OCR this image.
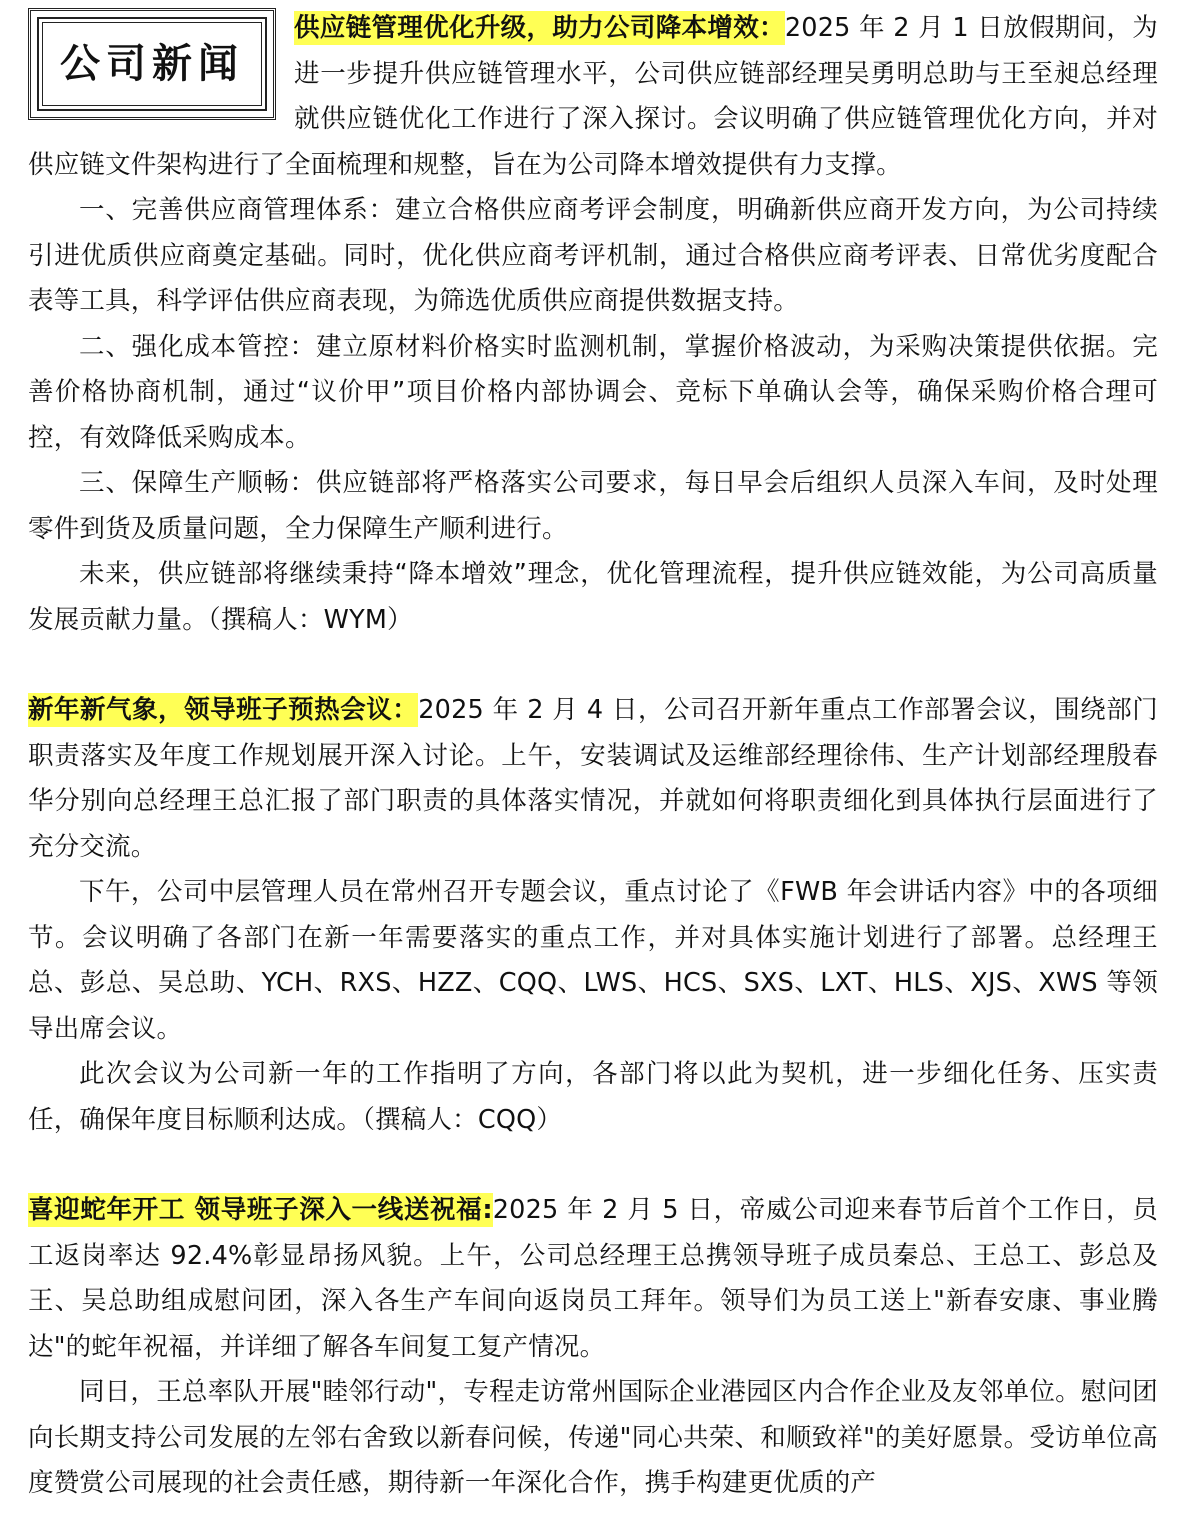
公司新闻

供应链管理优化升级，助力公司降本增效：2025 年 2 月 1 日放假期间，为进一步提升供应链管理水平，公司供应链部经理吴勇明总助与王至昶总经理就供应链优化工作进行了深入探讨。会议明确了供应链管理优化方向，并对供应链文件架构进行了全面梳理和规整，旨在为公司降本增效提供有力支撑。

一、完善供应商管理体系：建立合格供应商考评会制度，明确新供应商开发方向，为公司持续引进优质供应商奠定基础。同时，优化供应商考评机制，通过合格供应商考评表、日常优劣度配合表等工具，科学评估供应商表现，为筛选优质供应商提供数据支持。

二、强化成本管控：建立原材料价格实时监测机制，掌握价格波动，为采购决策提供依据。完善价格协商机制，通过“议价甲”项目价格内部协调会、竞标下单确认会等，确保采购价格合理可控，有效降低采购成本。

三、保障生产顺畅：供应链部将严格落实公司要求，每日早会后组织人员深入车间，及时处理零件到货及质量问题，全力保障生产顺利进行。

未来，供应链部将继续秉持“降本增效”理念，优化管理流程，提升供应链效能，为公司高质量发展贡献力量。（撰稿人：WYM）

新年新气象，领导班子预热会议：2025 年 2 月 4 日，公司召开新年重点工作部署会议，围绕部门职责落实及年度工作规划展开深入讨论。上午，安装调试及运维部经理徐伟、生产计划部经理殷春华分别向总经理王总汇报了部门职责的具体落实情况，并就如何将职责细化到具体执行层面进行了充分交流。

下午，公司中层管理人员在常州召开专题会议，重点讨论了《FWB 年会讲话内容》中的各项细节。会议明确了各部门在新一年需要落实的重点工作，并对具体实施计划进行了部署。总经理王总、彭总、吴总助、YCH、RXS、HZZ、CQQ、LWS、HCS、SXS、LXT、HLS、XJS、XWS 等领导出席会议。

此次会议为公司新一年的工作指明了方向，各部门将以此为契机，进一步细化任务、压实责任，确保年度目标顺利达成。（撰稿人：CQQ）

喜迎蛇年开工 领导班子深入一线送祝福:2025 年 2 月 5 日，帝威公司迎来春节后首个工作日，员工返岗率达 92.4%彰显昂扬风貌。上午，公司总经理王总携领导班子成员秦总、王总工、彭总及王、吴总助组成慰问团，深入各生产车间向返岗员工拜年。领导们为员工送上"新春安康、事业腾达"的蛇年祝福，并详细了解各车间复工复产情况。

同日，王总率队开展"睦邻行动"，专程走访常州国际企业港园区内合作企业及友邻单位。慰问团向长期支持公司发展的左邻右舍致以新春问候，传递"同心共荣、和顺致祥"的美好愿景。受访单位高度赞赏公司展现的社会责任感，期待新一年深化合作，携手构建更优质的产
